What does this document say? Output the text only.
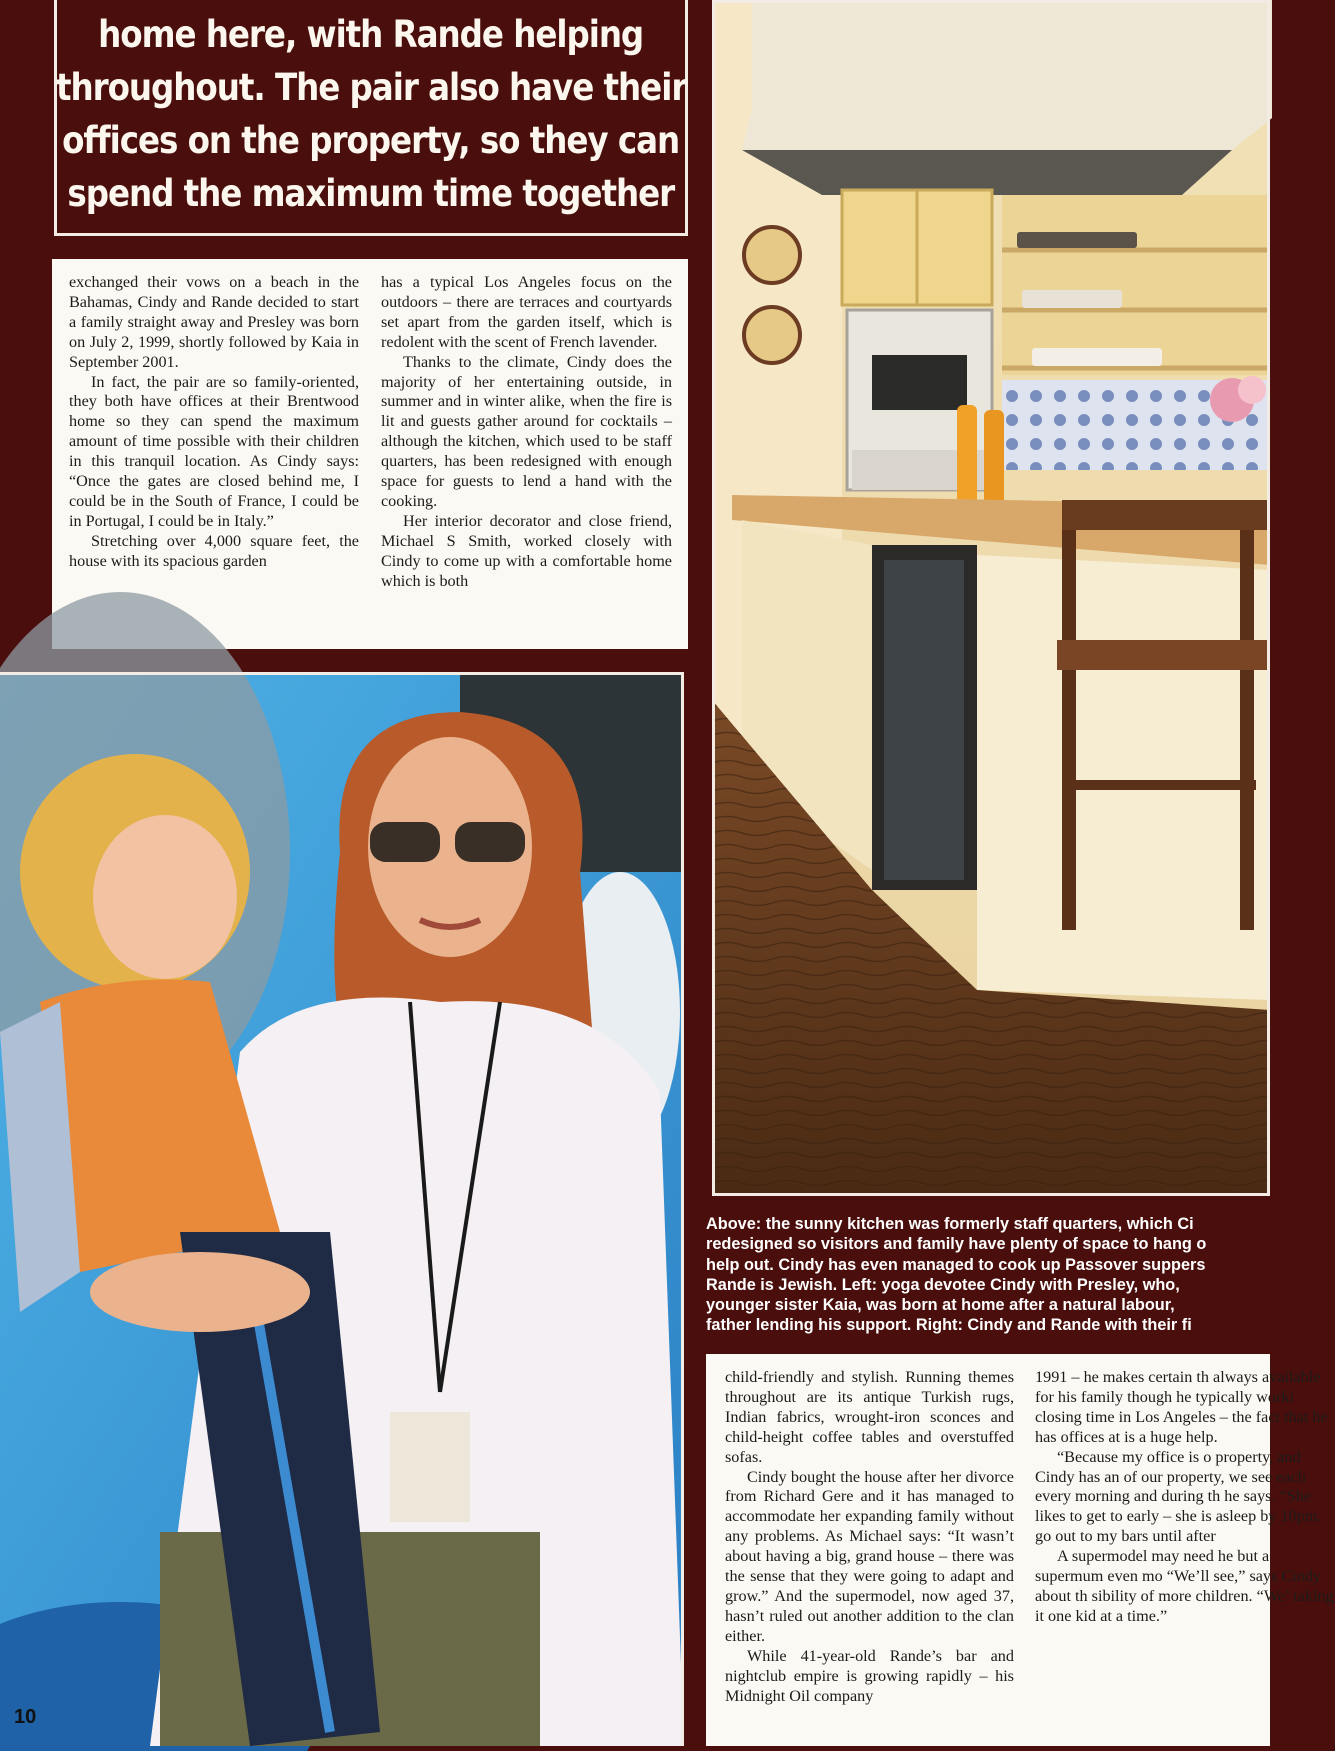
home here, with Rande helping
throughout. The pair also have their
offices on the property, so they can
spend the maximum time together

exchanged their vows on a beach in the Bahamas, Cindy and Rande decided to start a family straight away and Presley was born on July 2, 1999, shortly followed by Kaia in September 2001.

In fact, the pair are so family-oriented, they both have offices at their Brentwood home so they can spend the maximum amount of time possible with their children in this tranquil location. As Cindy says: “Once the gates are closed behind me, I could be in the South of France, I could be in Portugal, I could be in Italy.”

Stretching over 4,000 square feet, the house with its spacious garden

has a typical Los Angeles focus on the outdoors – there are terraces and courtyards set apart from the garden itself, which is redolent with the scent of French lavender.

Thanks to the climate, Cindy does the majority of her entertaining outside, in summer and in winter alike, when the fire is lit and guests gather around for cocktails – although the kitchen, which used to be staff quarters, has been redesigned with enough space for guests to lend a hand with the cooking.

Her interior decorator and close friend, Michael S Smith, worked closely with Cindy to come up with a comfortable home which is both

Above: the sunny kitchen was formerly staff quarters, which Ci
redesigned so visitors and family have plenty of space to hang o
help out. Cindy has even managed to cook up Passover suppers
Rande is Jewish. Left: yoga devotee Cindy with Presley, who,
younger sister Kaia, was born at home after a natural labour,
father lending his support. Right: Cindy and Rande with their fi

child-friendly and stylish. Running themes throughout are its antique Turkish rugs, Indian fabrics, wrought-iron sconces and child-height coffee tables and overstuffed sofas.

Cindy bought the house after her divorce from Richard Gere and it has managed to accommodate her expanding family without any problems. As Michael says: “It wasn’t about having a big, grand house – there was the sense that they were going to adapt and grow.” And the supermodel, now aged 37, hasn’t ruled out another addition to the clan either.

While 41-year-old Rande’s bar and nightclub empire is growing rapidly – his Midnight Oil company

1991 – he makes certain th always available for his family though he typically worki closing time in Los Angeles – the fact that he has offices at is a huge help.

“Because my office is o property, and Cindy has an of our property, we see each every morning and during th he says. “She likes to get to early – she is asleep by 10pm. go out to my bars until after

A supermodel may need he but a supermum even mo “We’ll see,” says Cindy about th sibility of more children. “We’ taking it one kid at a time.”

10
